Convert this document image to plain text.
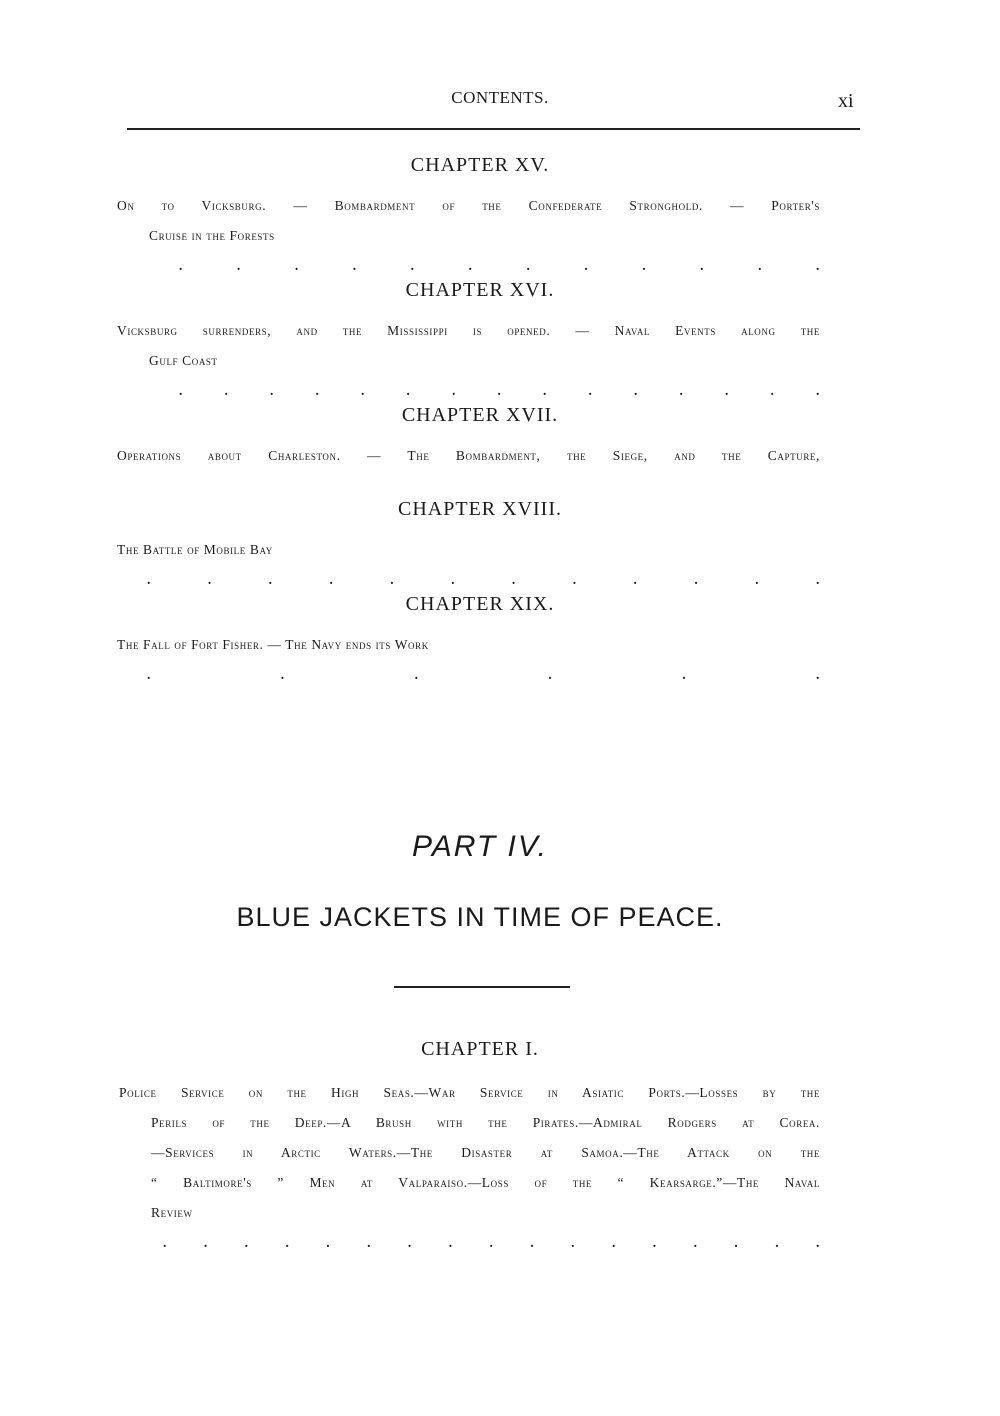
CONTENTS.	xi
CHAPTER XV.
On to Vicksburg. — Bombardment of the Confederate Stronghold. — Porter's
Cruise in the Forests
.	.	.	.	.	.	.	.	.	.	.	.
CHAPTER XVI.
Vicksburg surrenders, and the Mississippi is opened. — Naval Events along the
Gulf Coast
.	.	.	.	.	.	.	.	.	.	.	.	.	.	.
CHAPTER XVII.
Operations about Charleston. — The Bombardment, the Siege, and the Capture,
CHAPTER XVIII.
The Battle of Mobile Bay
.	.	.	.	.	.	.	.	.	.	.	.
CHAPTER XIX.
The Fall of Fort Fisher. — The Navy ends its Work
.	.	.	.	.	.
PART IV.
BLUE JACKETS IN TIME OF PEACE.
CHAPTER I.
Police Service on the High Seas.—War Service in Asiatic Ports.—Losses by the
Perils of the Deep.—A Brush with the Pirates.—Admiral Rodgers at Corea.
—Services in Arctic Waters.—The Disaster at Samoa.—The Attack on the
“ Baltimore's ” Men at Valparaiso.—Loss of the “ Kearsarge.”—The Naval
Review
.	.	.	.	.	.	.	.	.	.	.	.	.	.	.	.	.
